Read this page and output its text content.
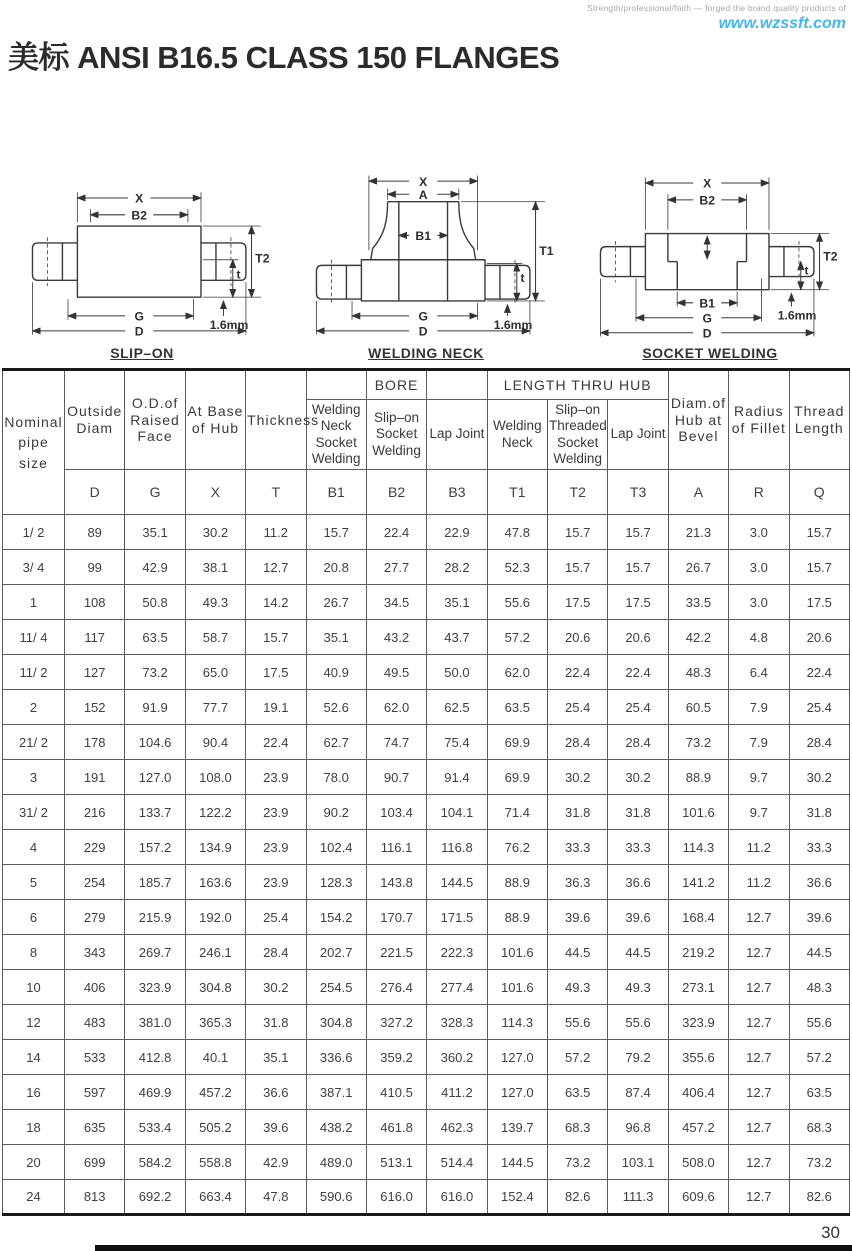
Strength/professional/faith — forged the brand quality products of
www.wzssft.com
美标 ANSI B16.5 CLASS 150 FLANGES
X
B2
T2
t
1.6mm
G
D
SLIP–ON
B1
X
A
T1
t
1.6mm
G
D
WELDING NECK
X
B2
T2
t
1.6mm
B1
G
D
SOCKET WELDING
Nominal pipe size	Outside Diam	O.D.of Raised Face	At Base of Hub	Thickness		BORE		LENGTH THRU HUB			Diam.of Hub at Bevel	Radius of Fillet	Thread Length
					Welding Neck Socket Welding	Slip–on Socket Welding	Lap Joint	Welding Neck	Slip–on Threaded Socket Welding	Lap Joint			
	D	G	X	T	B1	B2	B3	T1	T2	T3	A	R	Q
1/ 2	89	35.1	30.2	11.2	15.7	22.4	22.9	47.8	15.7	15.7	21.3	3.0	15.7
3/ 4	99	42.9	38.1	12.7	20.8	27.7	28.2	52.3	15.7	15.7	26.7	3.0	15.7
1	108	50.8	49.3	14.2	26.7	34.5	35.1	55.6	17.5	17.5	33.5	3.0	17.5
11/ 4	117	63.5	58.7	15.7	35.1	43.2	43.7	57.2	20.6	20.6	42.2	4.8	20.6
11/ 2	127	73.2	65.0	17.5	40.9	49.5	50.0	62.0	22.4	22.4	48.3	6.4	22.4
2	152	91.9	77.7	19.1	52.6	62.0	62.5	63.5	25.4	25.4	60.5	7.9	25.4
21/ 2	178	104.6	90.4	22.4	62.7	74.7	75.4	69.9	28.4	28.4	73.2	7.9	28.4
3	191	127.0	108.0	23.9	78.0	90.7	91.4	69.9	30.2	30.2	88.9	9.7	30.2
31/ 2	216	133.7	122.2	23.9	90.2	103.4	104.1	71.4	31.8	31.8	101.6	9.7	31.8
4	229	157.2	134.9	23.9	102.4	116.1	116.8	76.2	33.3	33.3	114.3	11.2	33.3
5	254	185.7	163.6	23.9	128.3	143.8	144.5	88.9	36.3	36.6	141.2	11.2	36.6
6	279	215.9	192.0	25.4	154.2	170.7	171.5	88.9	39.6	39.6	168.4	12.7	39.6
8	343	269.7	246.1	28.4	202.7	221.5	222.3	101.6	44.5	44.5	219.2	12.7	44.5
10	406	323.9	304.8	30.2	254.5	276.4	277.4	101.6	49.3	49.3	273.1	12.7	48.3
12	483	381.0	365.3	31.8	304.8	327.2	328.3	114.3	55.6	55.6	323.9	12.7	55.6
14	533	412.8	40.1	35.1	336.6	359.2	360.2	127.0	57.2	79.2	355.6	12.7	57.2
16	597	469.9	457.2	36.6	387.1	410.5	411.2	127.0	63.5	87.4	406.4	12.7	63.5
18	635	533.4	505.2	39.6	438.2	461.8	462.3	139.7	68.3	96.8	457.2	12.7	68.3
20	699	584.2	558.8	42.9	489.0	513.1	514.4	144.5	73.2	103.1	508.0	12.7	73.2
24	813	692.2	663.4	47.8	590.6	616.0	616.0	152.4	82.6	111.3	609.6	12.7	82.6
30
